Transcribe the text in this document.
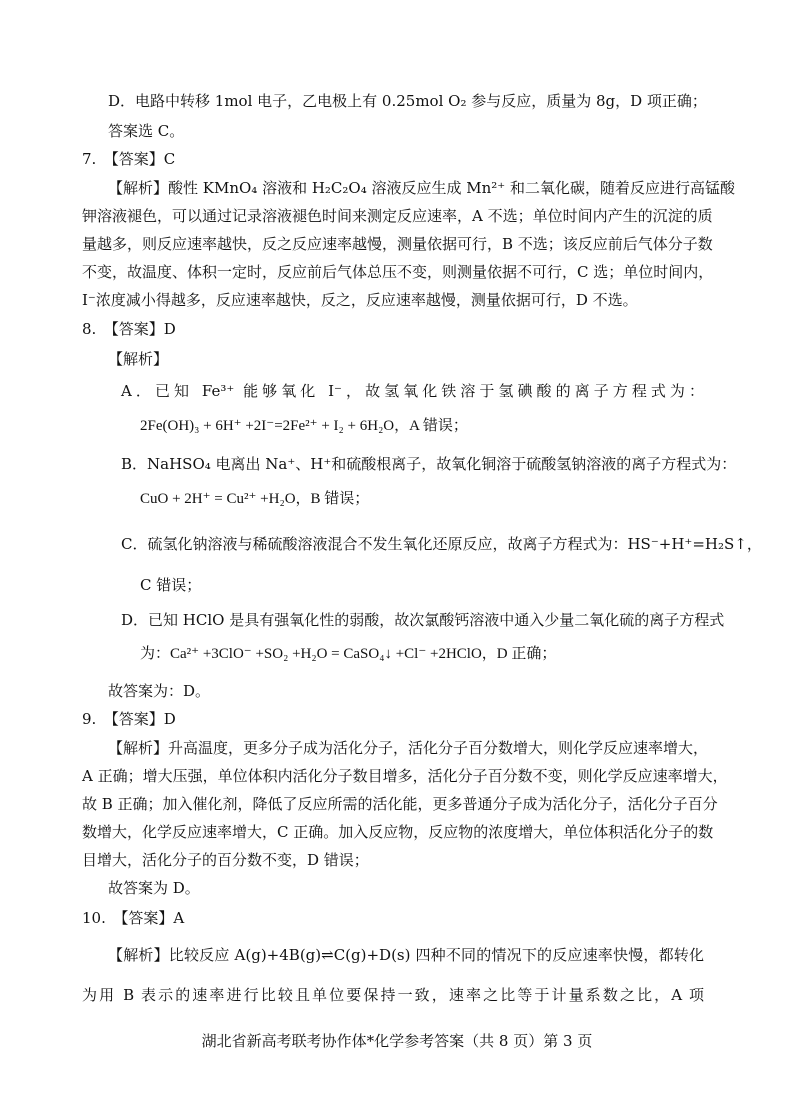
D．电路中转移 1mol 电子，乙电极上有 0.25mol O₂ 参与反应，质量为 8g，D 项正确；
答案选 C。
7.　【答案】C
【解析】酸性 KMnO₄ 溶液和 H₂C₂O₄ 溶液反应生成 Mn²⁺ 和二氧化碳，随着反应进行高锰酸
钾溶液褪色，可以通过记录溶液褪色时间来测定反应速率，A 不选；单位时间内产生的沉淀的质
量越多，则反应速率越快，反之反应速率越慢，测量依据可行，B 不选；该反应前后气体分子数
不变，故温度、体积一定时，反应前后气体总压不变，则测量依据不可行，C 选；单位时间内，
I⁻浓度减小得越多，反应速率越快，反之，反应速率越慢，测量依据可行，D 不选。
8.　【答案】D
【解析】
A．已知 Fe³⁺ 能够氧化 I⁻，故氢氧化铁溶于氢碘酸的离子方程式为：
2Fe(OH)₃ + 6H⁺ +2I⁻=2Fe²⁺ + I₂ + 6H₂O，A 错误；
B．NaHSO₄ 电离出 Na⁺、H⁺和硫酸根离子，故氧化铜溶于硫酸氢钠溶液的离子方程式为：
CuO + 2H⁺ = Cu²⁺ +H₂O，B 错误；
C．硫氢化钠溶液与稀硫酸溶液混合不发生氧化还原反应，故离子方程式为：HS⁻+H⁺=H₂S↑，
C 错误；
D．已知 HClO 是具有强氧化性的弱酸，故次氯酸钙溶液中通入少量二氧化硫的离子方程式
为：Ca²⁺ +3ClO⁻ +SO₂ +H₂O = CaSO₄↓ +Cl⁻ +2HClO，D 正确；
故答案为：D。
9.　【答案】D
【解析】升高温度，更多分子成为活化分子，活化分子百分数增大，则化学反应速率增大，
A 正确；增大压强，单位体积内活化分子数目增多，活化分子百分数不变，则化学反应速率增大，
故 B 正确；加入催化剂，降低了反应所需的活化能，更多普通分子成为活化分子，活化分子百分
数增大，化学反应速率增大，C 正确。加入反应物，反应物的浓度增大，单位体积活化分子的数
目增大，活化分子的百分数不变，D 错误；
故答案为 D。
10.　【答案】A
【解析】比较反应 A(g)+4B(g)⇌C(g)+D(s) 四种不同的情况下的反应速率快慢，都转化
为用 B 表示的速率进行比较且单位要保持一致，速率之比等于计量系数之比，A 项
湖北省新高考联考协作体*化学参考答案（共 8 页）第 3 页
